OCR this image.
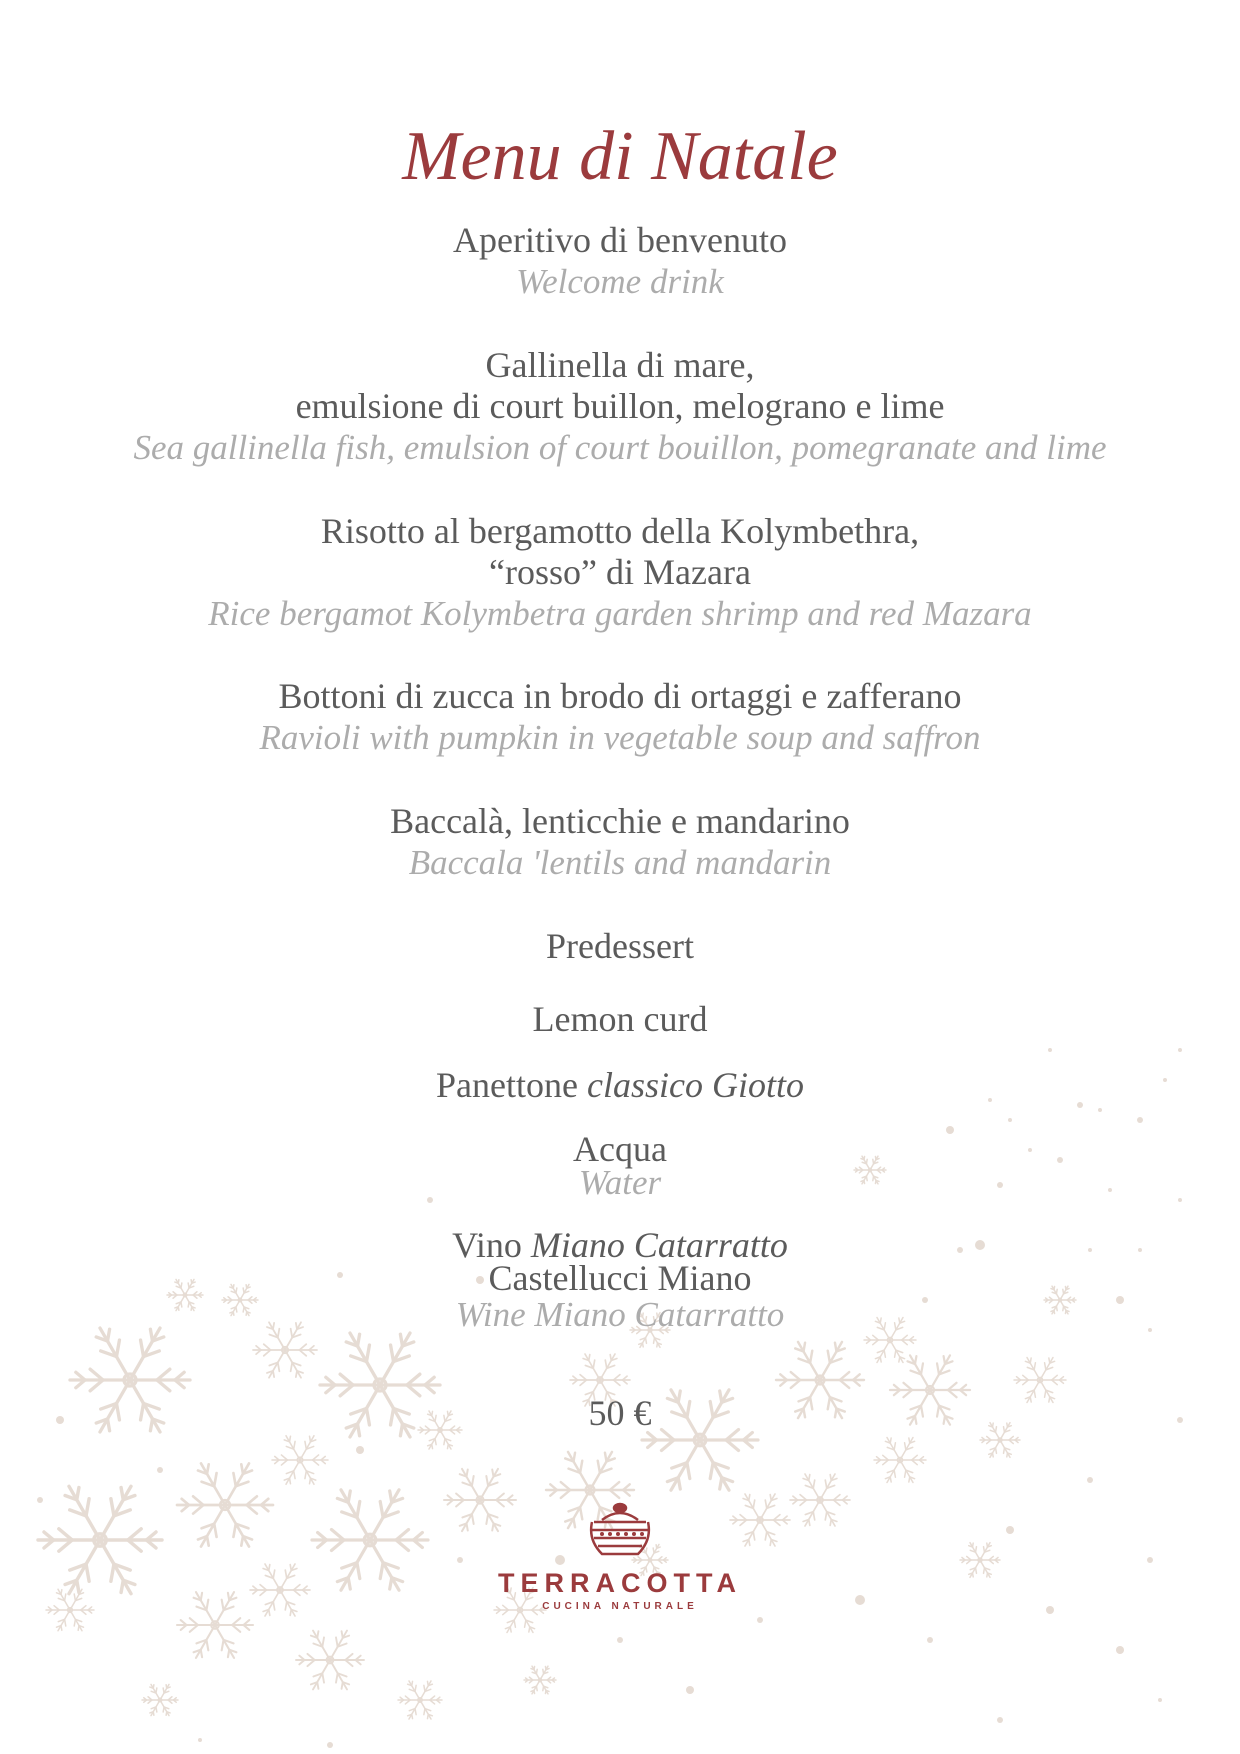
Menu di Natale
Aperitivo di benvenuto
Welcome drink
Gallinella di mare,
emulsione di court buillon, melograno e lime
Sea gallinella fish, emulsion of court bouillon, pomegranate and lime
Risotto al bergamotto della Kolymbethra,
“rosso” di Mazara
Rice bergamot Kolymbetra garden shrimp and red Mazara
Bottoni di zucca in brodo di ortaggi e zafferano
Ravioli with pumpkin in vegetable soup and saffron
Baccalà, lenticchie e mandarino
Baccala 'lentils and mandarin
Predessert
Lemon curd
Panettone classico Giotto
Acqua
Water
Vino Miano Catarratto
Castellucci Miano
Wine Miano Catarratto
50 €
TERRACOTTA
CUCINA NATURALE
